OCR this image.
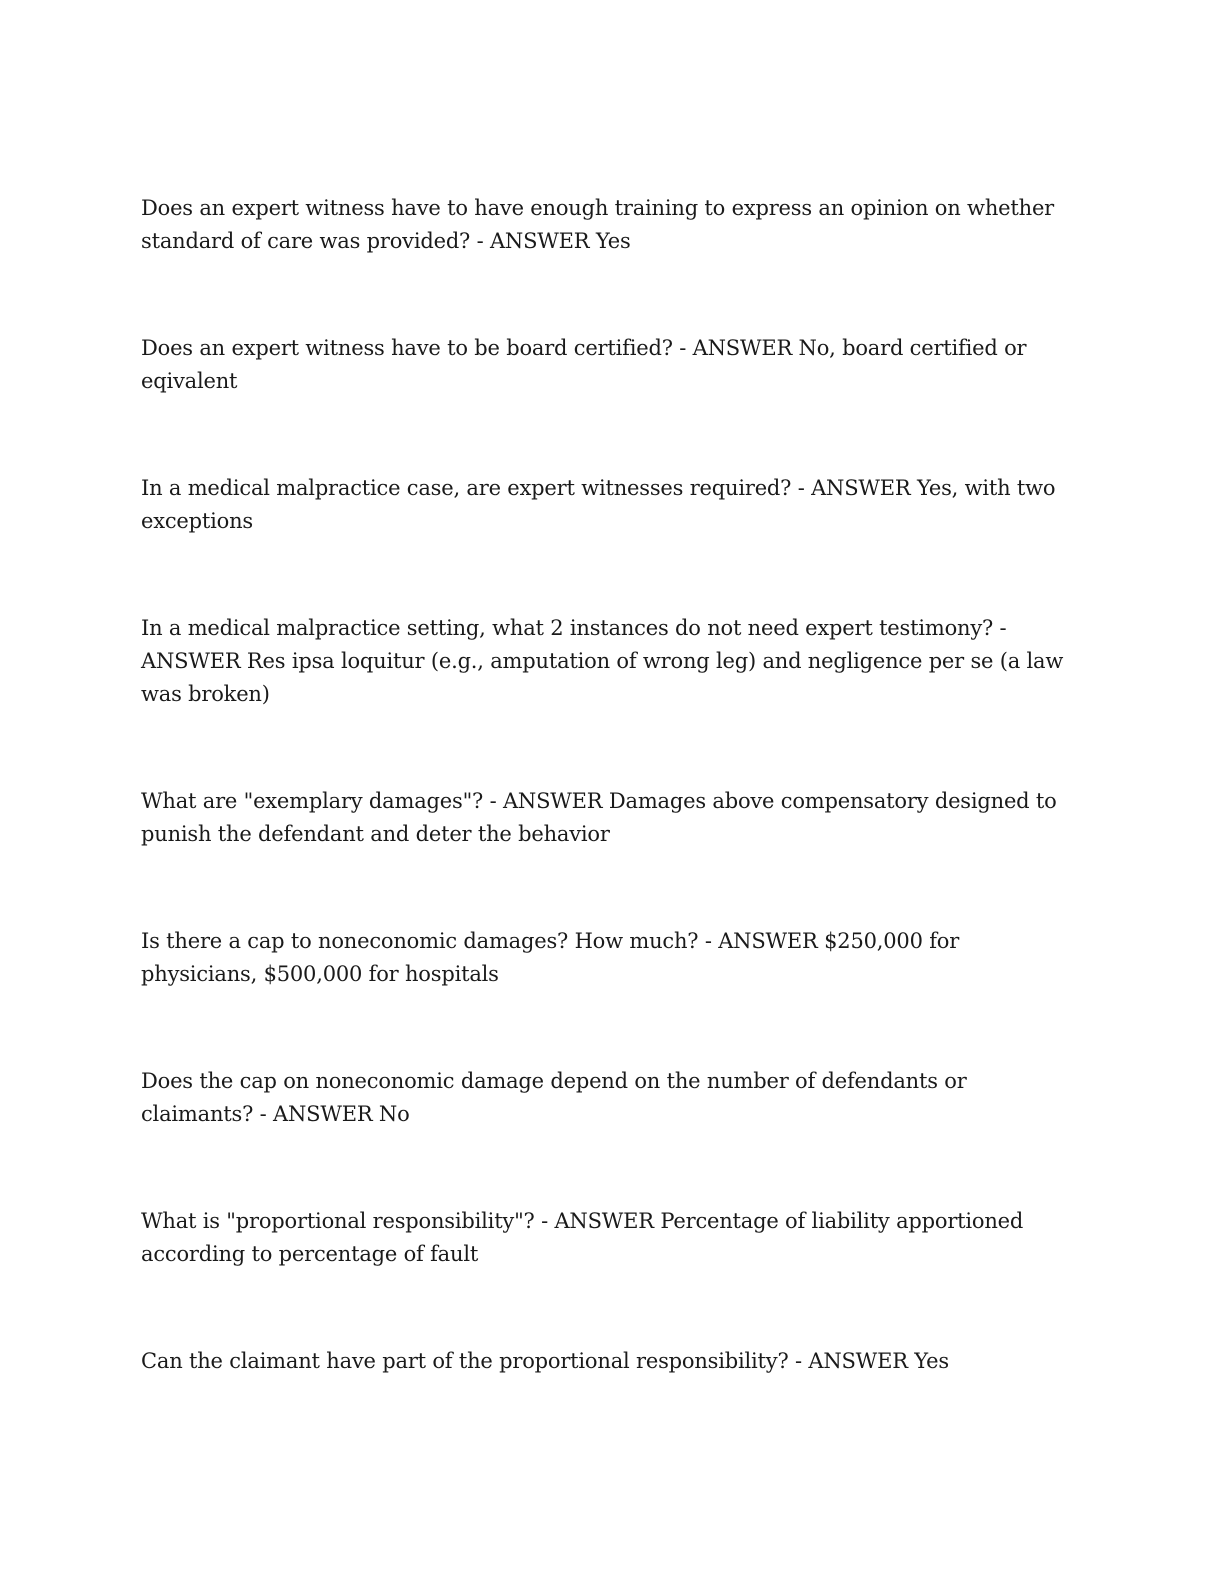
Does an expert witness have to have enough training to express an opinion on whether standard of care was provided? - ANSWER Yes
Does an expert witness have to be board certified? - ANSWER No, board certified or eqivalent
In a medical malpractice case, are expert witnesses required? - ANSWER Yes, with two exceptions
In a medical malpractice setting, what 2 instances do not need expert testimony? - ANSWER Res ipsa loquitur (e.g., amputation of wrong leg) and negligence per se (a law was broken)
What are "exemplary damages"? - ANSWER Damages above compensatory designed to punish the defendant and deter the behavior
Is there a cap to noneconomic damages? How much? - ANSWER $250,000 for physicians, $500,000 for hospitals
Does the cap on noneconomic damage depend on the number of defendants or claimants? - ANSWER No
What is "proportional responsibility"? - ANSWER Percentage of liability apportioned according to percentage of fault
Can the claimant have part of the proportional responsibility? - ANSWER Yes
